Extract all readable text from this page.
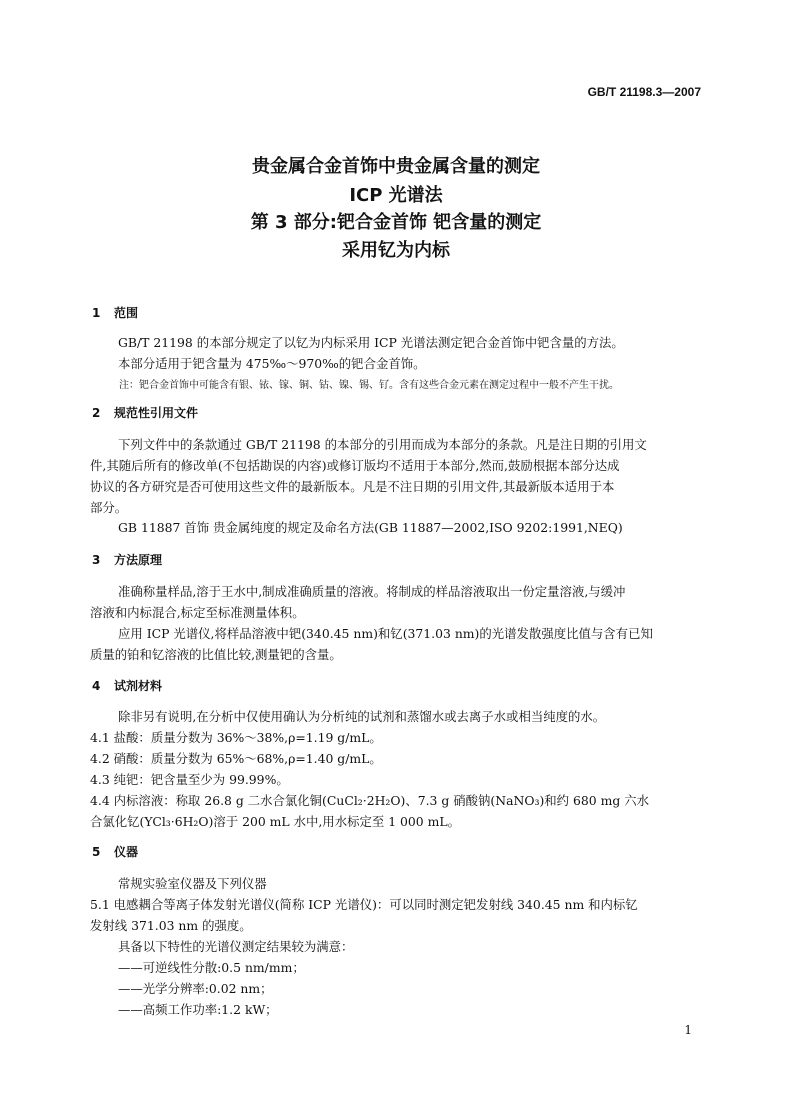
GB/T 21198.3—2007
贵金属合金首饰中贵金属含量的测定
ICP 光谱法
第 3 部分:钯合金首饰 钯含量的测定
采用钇为内标
1 范围
GB/T 21198 的本部分规定了以钇为内标采用 ICP 光谱法测定钯合金首饰中钯含量的方法。
本部分适用于钯含量为 475‰～970‰的钯合金首饰。
注：钯合金首饰中可能含有银、铱、镓、铜、钴、镍、锡、钌。含有这些合金元素在测定过程中一般不产生干扰。
2 规范性引用文件
下列文件中的条款通过 GB/T 21198 的本部分的引用而成为本部分的条款。凡是注日期的引用文
件,其随后所有的修改单(不包括勘误的内容)或修订版均不适用于本部分,然而,鼓励根据本部分达成
协议的各方研究是否可使用这些文件的最新版本。凡是不注日期的引用文件,其最新版本适用于本
部分。
GB 11887 首饰 贵金属纯度的规定及命名方法(GB 11887—2002,ISO 9202:1991,NEQ)
3 方法原理
准确称量样品,溶于王水中,制成准确质量的溶液。将制成的样品溶液取出一份定量溶液,与缓冲
溶液和内标混合,标定至标准测量体积。
应用 ICP 光谱仪,将样品溶液中钯(340.45 nm)和钇(371.03 nm)的光谱发散强度比值与含有已知
质量的铂和钇溶液的比值比较,测量钯的含量。
4 试剂材料
除非另有说明,在分析中仅使用确认为分析纯的试剂和蒸馏水或去离子水或相当纯度的水。
4.1 盐酸：质量分数为 36%～38%,ρ=1.19 g/mL。
4.2 硝酸：质量分数为 65%～68%,ρ=1.40 g/mL。
4.3 纯钯：钯含量至少为 99.99%。
4.4 内标溶液：称取 26.8 g 二水合氯化铜(CuCl₂·2H₂O)、7.3 g 硝酸钠(NaNO₃)和约 680 mg 六水
合氯化钇(YCl₃·6H₂O)溶于 200 mL 水中,用水标定至 1 000 mL。
5 仪器
常规实验室仪器及下列仪器
5.1 电感耦合等离子体发射光谱仪(简称 ICP 光谱仪)：可以同时测定钯发射线 340.45 nm 和内标钇
发射线 371.03 nm 的强度。
具备以下特性的光谱仪测定结果较为满意：
——可逆线性分散:0.5 nm/mm；
——光学分辨率:0.02 nm；
——高频工作功率:1.2 kW；
1
